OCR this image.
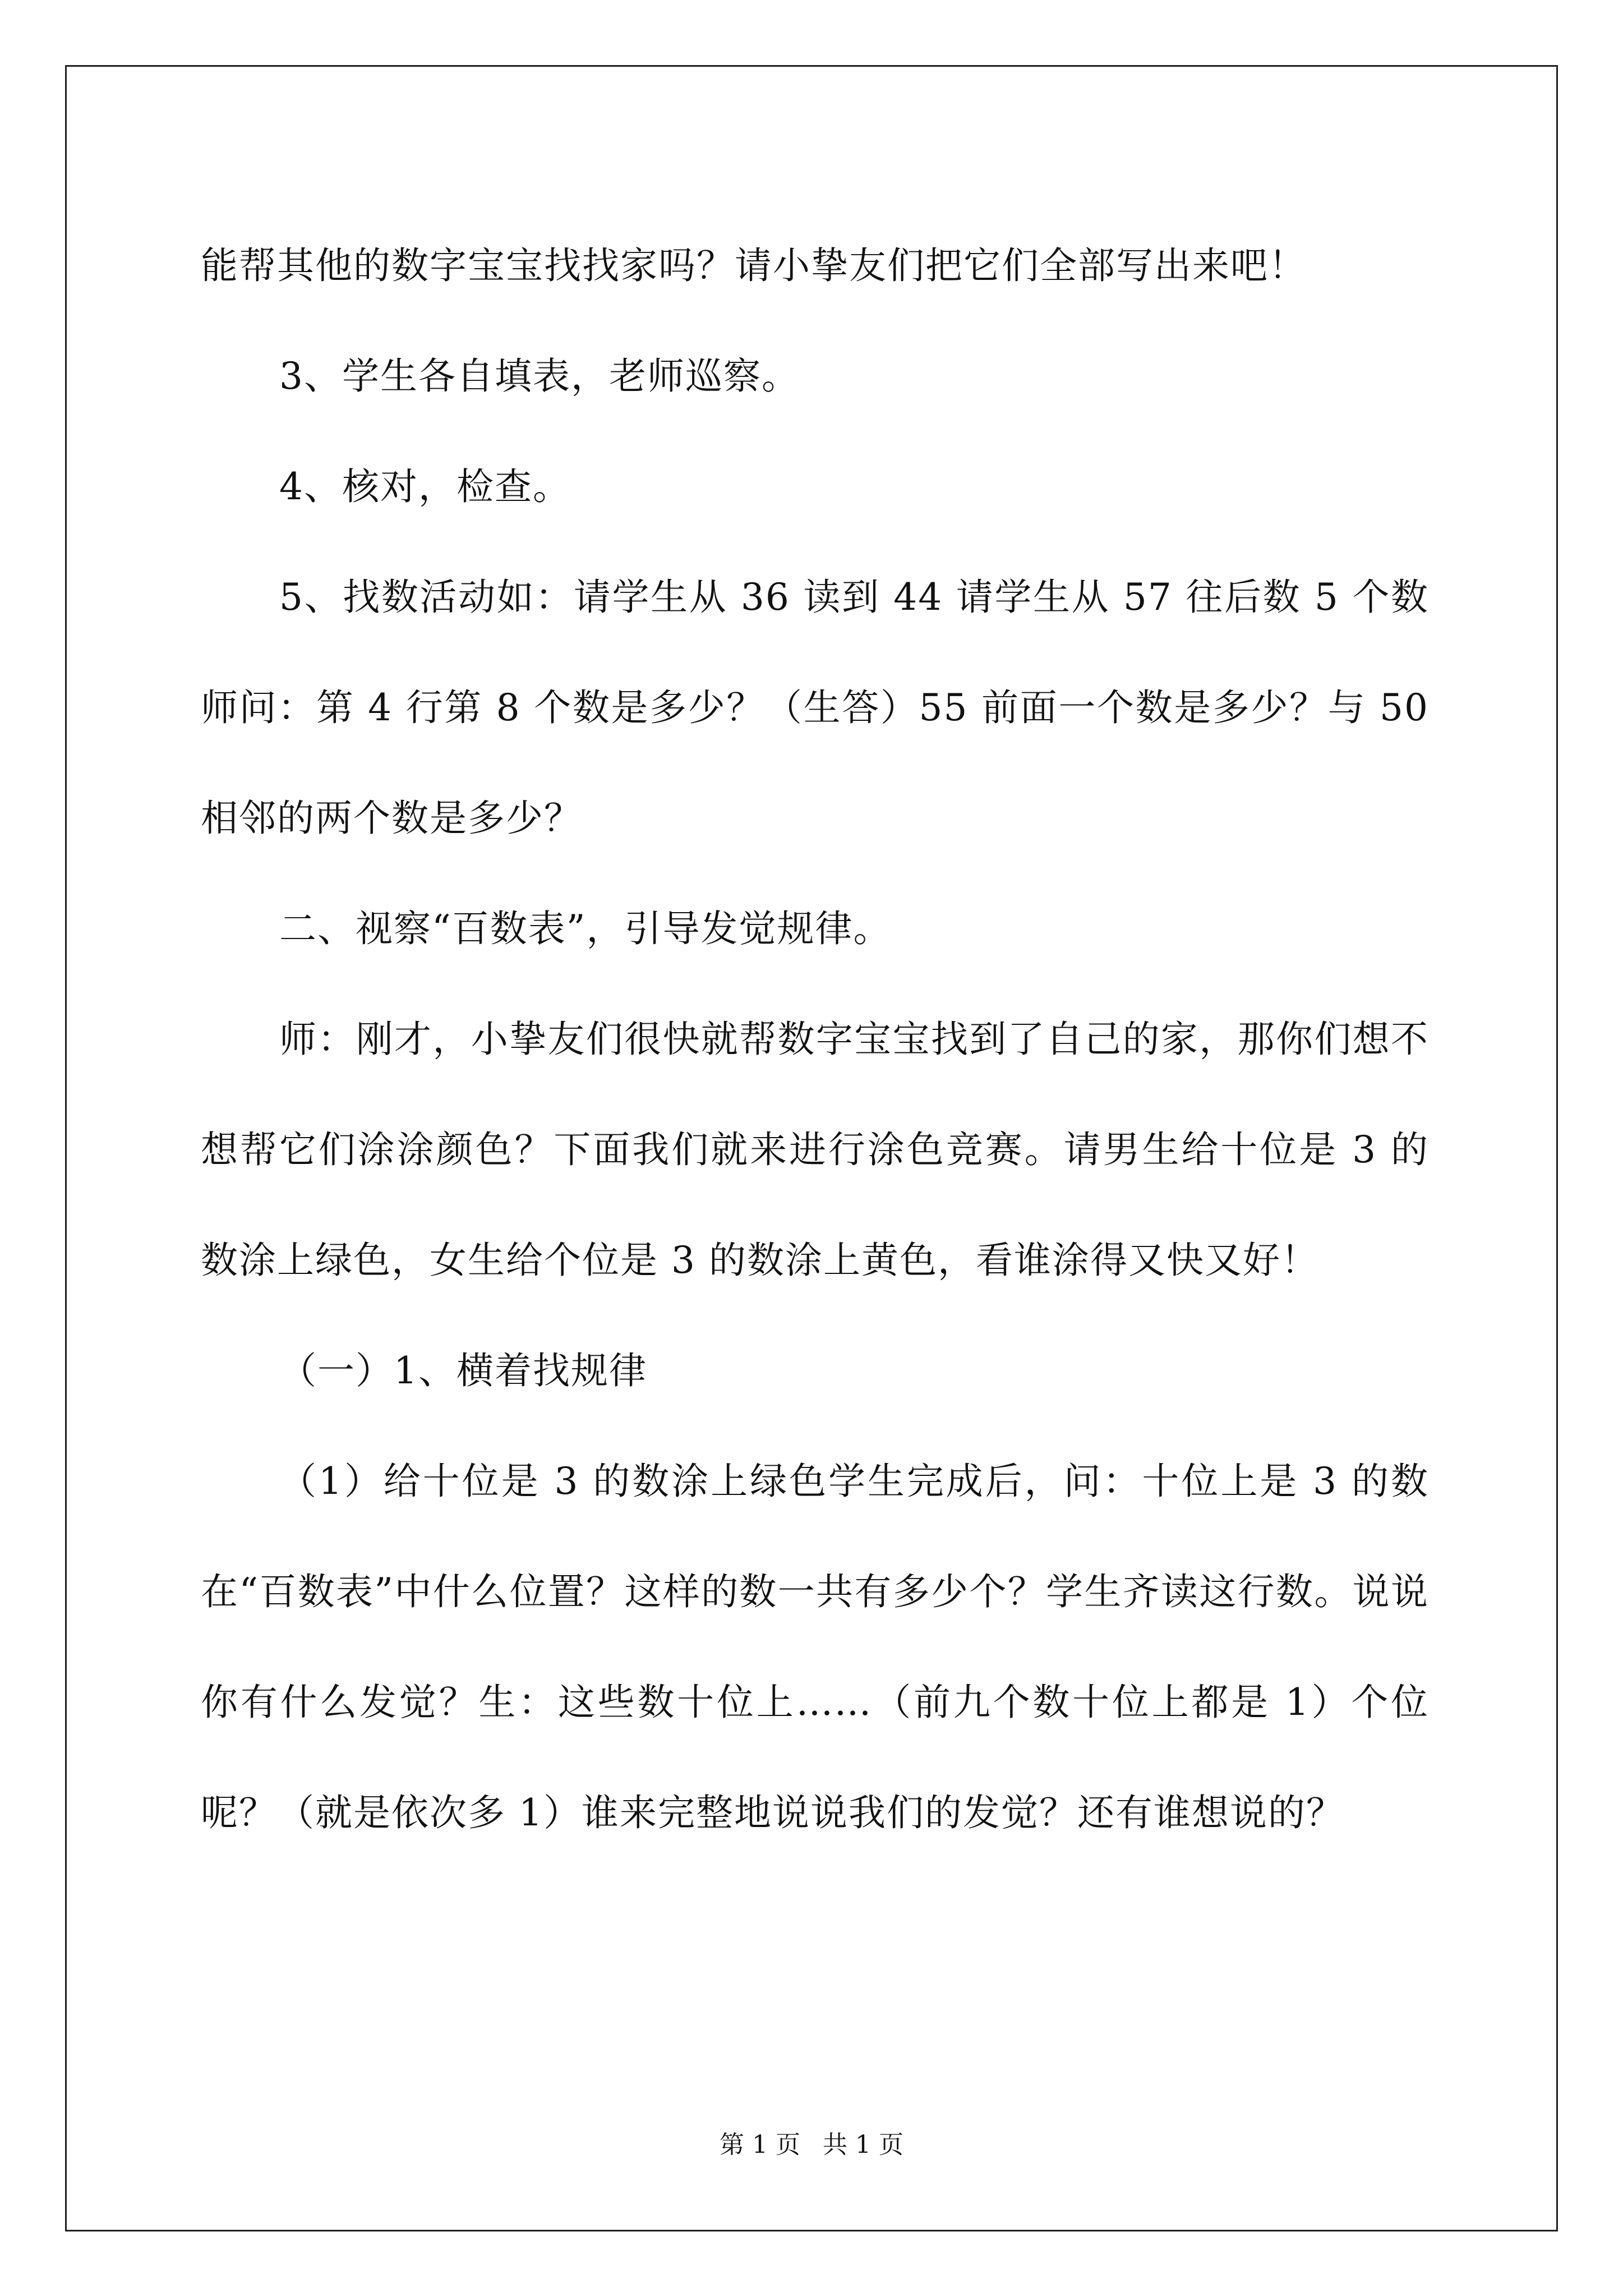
能帮其他的数字宝宝找找家吗？请小挚友们把它们全部写出来吧！

3、学生各自填表，老师巡察。

4、核对，检查。

5、找数活动如：请学生从 36 读到 44 请学生从 57 往后数 5 个数师问：第 4 行第 8 个数是多少？（生答）55 前面一个数是多少？与 50 相邻的两个数是多少？

二、视察“百数表”，引导发觉规律。

师：刚才，小挚友们很快就帮数字宝宝找到了自己的家，那你们想不想帮它们涂涂颜色？下面我们就来进行涂色竞赛。请男生给十位是 3 的数涂上绿色，女生给个位是 3 的数涂上黄色，看谁涂得又快又好！

（一）1、横着找规律

（1）给十位是 3 的数涂上绿色学生完成后，问：十位上是 3 的数在“百数表”中什么位置？这样的数一共有多少个？学生齐读这行数。说说你有什么发觉？生：这些数十位上……（前九个数十位上都是 1）个位呢？（就是依次多 1）谁来完整地说说我们的发觉？还有谁想说的？

第 1 页 共 1 页
